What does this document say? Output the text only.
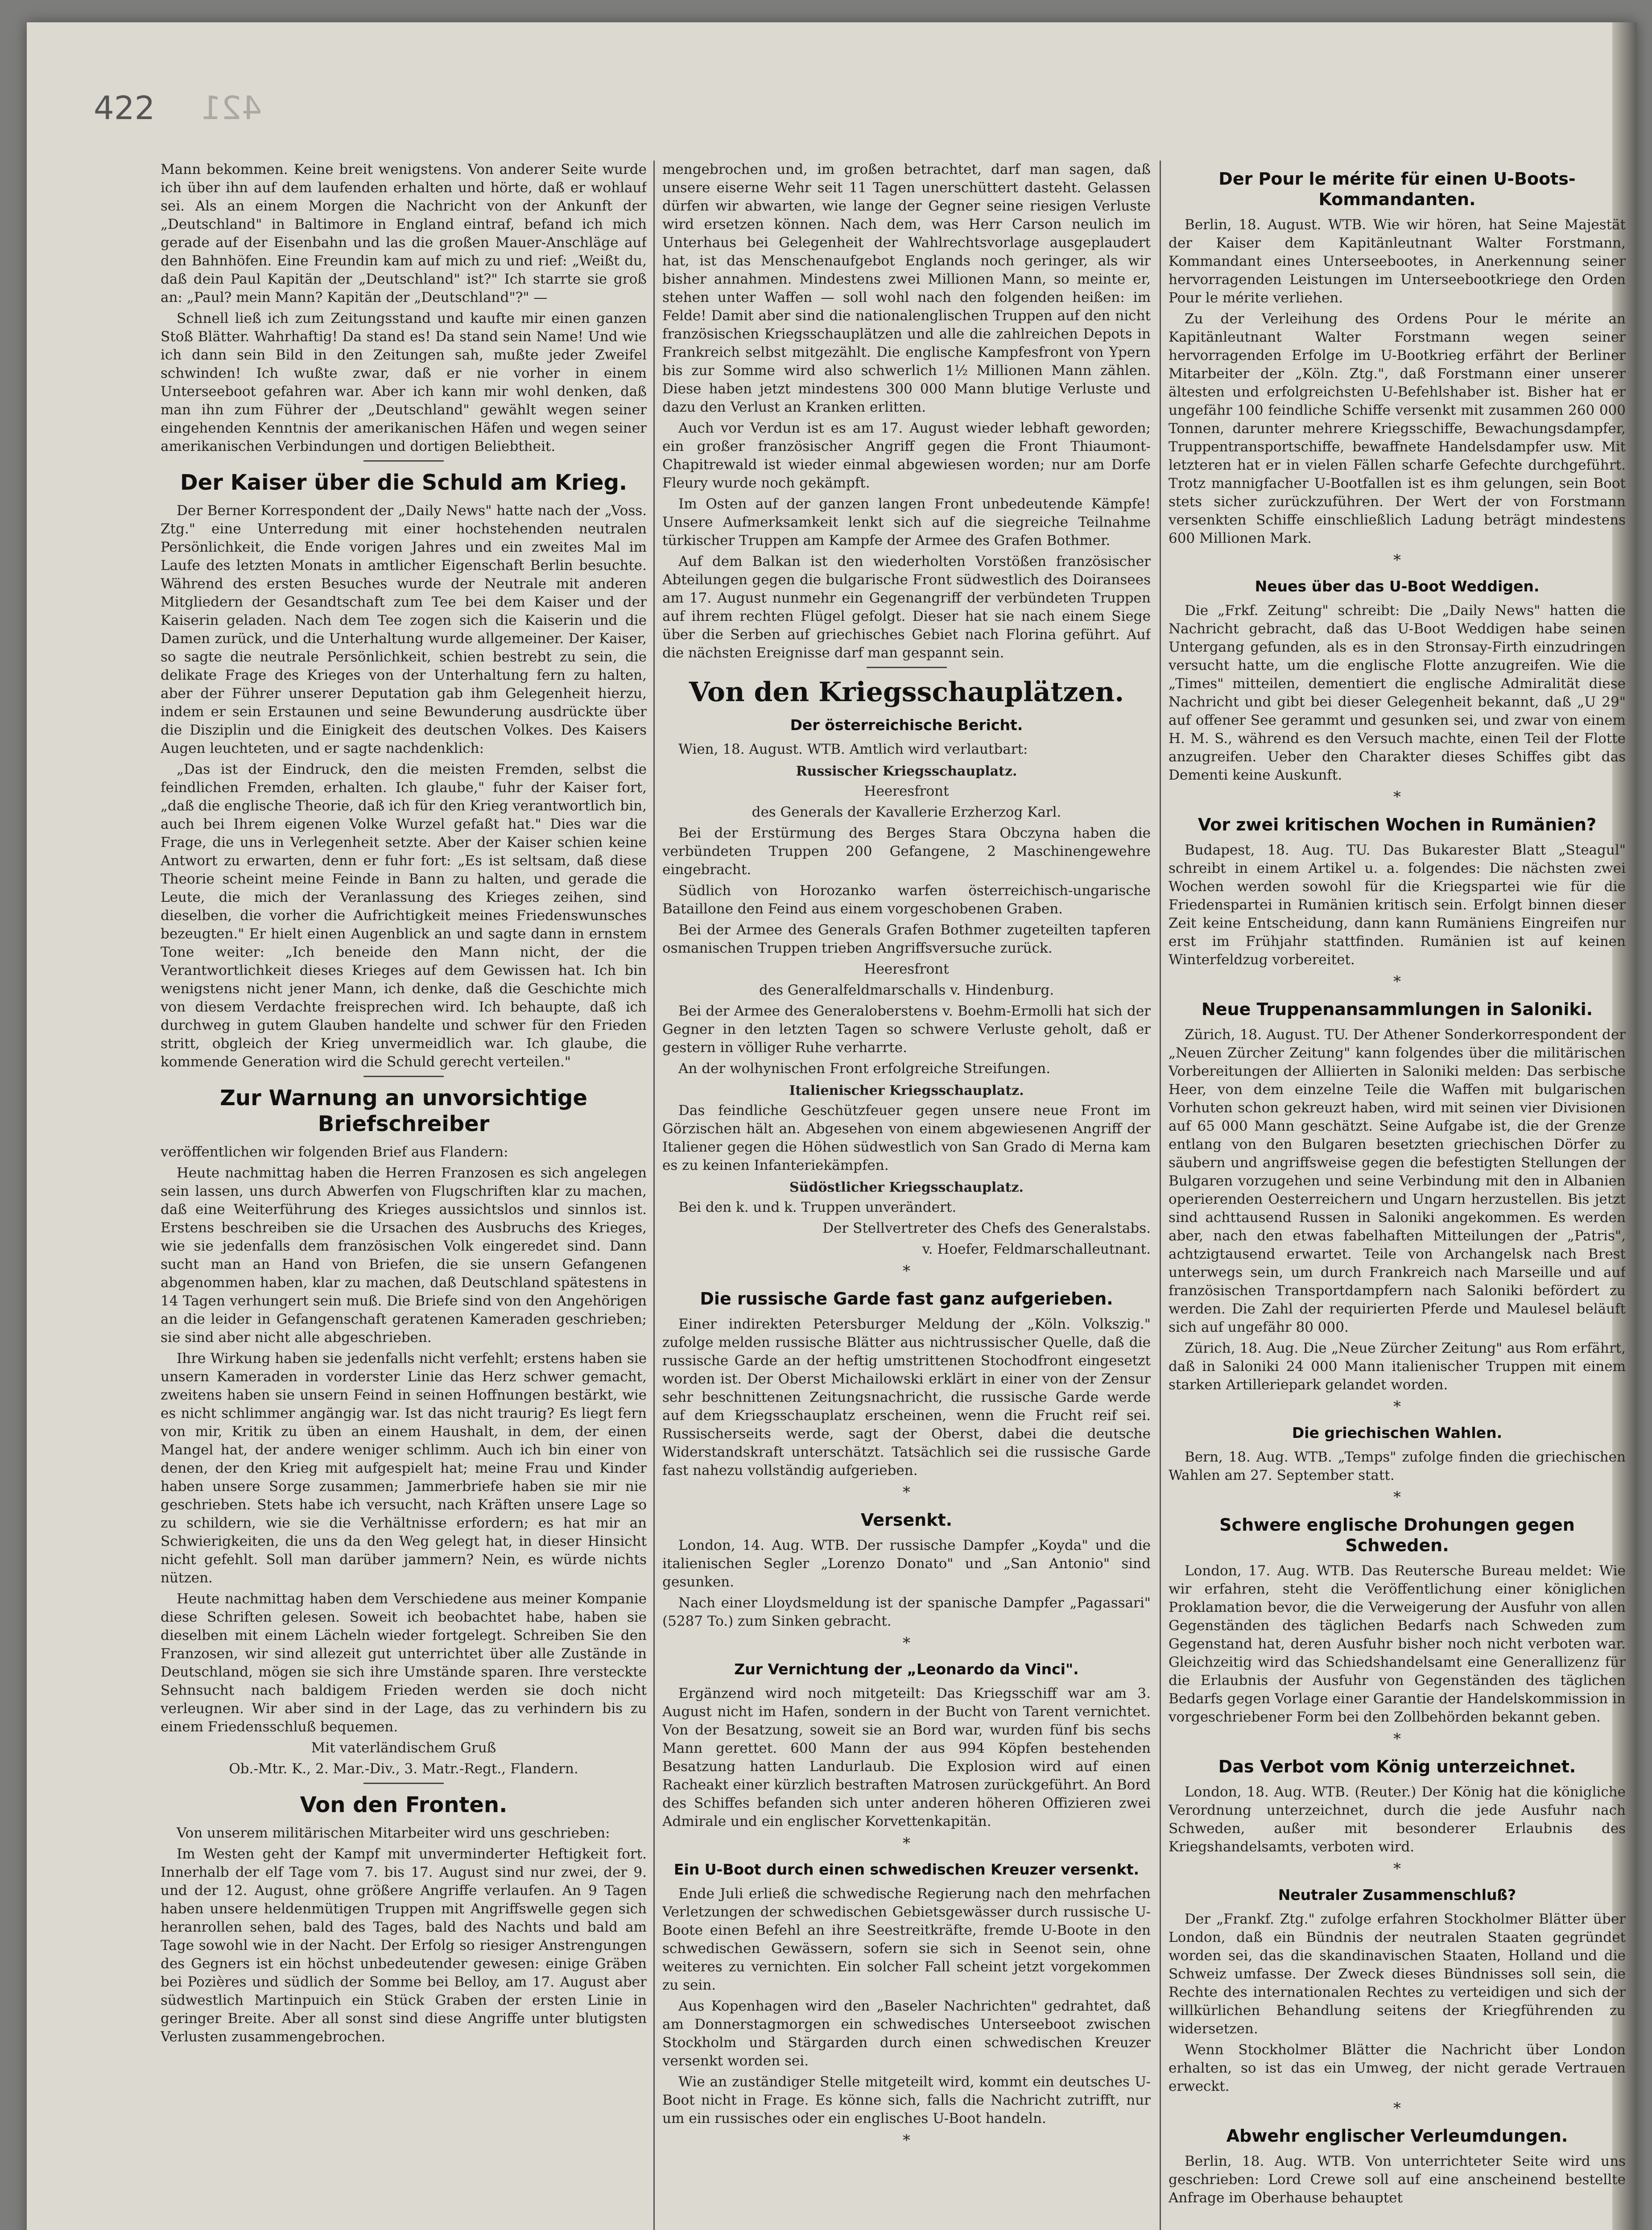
422 421

Mann bekommen. Keine breit wenigstens. Von anderer Seite wurde ich über ihn auf dem laufenden erhalten und hörte, daß er wohlauf sei. Als an einem Morgen die Nachricht von der Ankunft der „Deutschland" in Baltimore in England eintraf, befand ich mich gerade auf der Eisenbahn und las die großen Mauer-Anschläge auf den Bahnhöfen. Eine Freundin kam auf mich zu und rief: „Weißt du, daß dein Paul Kapitän der „Deutschland" ist?" Ich starrte sie groß an: „Paul? mein Mann? Kapitän der „Deutschland"?" —

Schnell ließ ich zum Zeitungsstand und kaufte mir einen ganzen Stoß Blätter. Wahrhaftig! Da stand es! Da stand sein Name! Und wie ich dann sein Bild in den Zeitungen sah, mußte jeder Zweifel schwinden! Ich wußte zwar, daß er nie vorher in einem Unterseeboot gefahren war. Aber ich kann mir wohl denken, daß man ihn zum Führer der „Deutschland" gewählt wegen seiner eingehenden Kenntnis der amerikanischen Häfen und wegen seiner amerikanischen Verbindungen und dortigen Beliebtheit.

Der Kaiser über die Schuld am Krieg.

Der Berner Korrespondent der „Daily News" hatte nach der „Voss. Ztg." eine Unterredung mit einer hochstehenden neutralen Persönlichkeit, die Ende vorigen Jahres und ein zweites Mal im Laufe des letzten Monats in amtlicher Eigenschaft Berlin besuchte. Während des ersten Besuches wurde der Neutrale mit anderen Mitgliedern der Gesandtschaft zum Tee bei dem Kaiser und der Kaiserin geladen. Nach dem Tee zogen sich die Kaiserin und die Damen zurück, und die Unterhaltung wurde allgemeiner. Der Kaiser, so sagte die neutrale Persönlichkeit, schien bestrebt zu sein, die delikate Frage des Krieges von der Unterhaltung fern zu halten, aber der Führer unserer Deputation gab ihm Gelegenheit hierzu, indem er sein Erstaunen und seine Bewunderung ausdrückte über die Disziplin und die Einigkeit des deutschen Volkes. Des Kaisers Augen leuchteten, und er sagte nachdenklich:

„Das ist der Eindruck, den die meisten Fremden, selbst die feindlichen Fremden, erhalten. Ich glaube," fuhr der Kaiser fort, „daß die englische Theorie, daß ich für den Krieg verantwortlich bin, auch bei Ihrem eigenen Volke Wurzel gefaßt hat." Dies war die Frage, die uns in Verlegenheit setzte. Aber der Kaiser schien keine Antwort zu erwarten, denn er fuhr fort: „Es ist seltsam, daß diese Theorie scheint meine Feinde in Bann zu halten, und gerade die Leute, die mich der Veranlassung des Krieges zeihen, sind dieselben, die vorher die Aufrichtigkeit meines Friedenswunsches bezeugten." Er hielt einen Augenblick an und sagte dann in ernstem Tone weiter: „Ich beneide den Mann nicht, der die Verantwortlichkeit dieses Krieges auf dem Gewissen hat. Ich bin wenigstens nicht jener Mann, ich denke, daß die Geschichte mich von diesem Verdachte freisprechen wird. Ich behaupte, daß ich durchweg in gutem Glauben handelte und schwer für den Frieden stritt, obgleich der Krieg unvermeidlich war. Ich glaube, die kommende Generation wird die Schuld gerecht verteilen."

Zur Warnung an unvorsichtige Briefschreiber

veröffentlichen wir folgenden Brief aus Flandern:

Heute nachmittag haben die Herren Franzosen es sich angelegen sein lassen, uns durch Abwerfen von Flugschriften klar zu machen, daß eine Weiterführung des Krieges aussichtslos und sinnlos ist. Erstens beschreiben sie die Ursachen des Ausbruchs des Krieges, wie sie jedenfalls dem französischen Volk eingeredet sind. Dann sucht man an Hand von Briefen, die sie unsern Gefangenen abgenommen haben, klar zu machen, daß Deutschland spätestens in 14 Tagen verhungert sein muß. Die Briefe sind von den Angehörigen an die leider in Gefangenschaft geratenen Kameraden geschrieben; sie sind aber nicht alle abgeschrieben.

Ihre Wirkung haben sie jedenfalls nicht verfehlt; erstens haben sie unsern Kameraden in vorderster Linie das Herz schwer gemacht, zweitens haben sie unsern Feind in seinen Hoffnungen bestärkt, wie es nicht schlimmer angängig war. Ist das nicht traurig? Es liegt fern von mir, Kritik zu üben an einem Haushalt, in dem, der einen Mangel hat, der andere weniger schlimm. Auch ich bin einer von denen, der den Krieg mit aufgespielt hat; meine Frau und Kinder haben unsere Sorge zusammen; Jammerbriefe haben sie mir nie geschrieben. Stets habe ich versucht, nach Kräften unsere Lage so zu schildern, wie sie die Verhältnisse erfordern; es hat mir an Schwierigkeiten, die uns da den Weg gelegt hat, in dieser Hinsicht nicht gefehlt. Soll man darüber jammern? Nein, es würde nichts nützen.

Heute nachmittag haben dem Verschiedene aus meiner Kompanie diese Schriften gelesen. Soweit ich beobachtet habe, haben sie dieselben mit einem Lächeln wieder fortgelegt. Schreiben Sie den Franzosen, wir sind allezeit gut unterrichtet über alle Zustände in Deutschland, mögen sie sich ihre Umstände sparen. Ihre versteckte Sehnsucht nach baldigem Frieden werden sie doch nicht verleugnen. Wir aber sind in der Lage, das zu verhindern bis zu einem Friedensschluß bequemen.

Mit vaterländischem Gruß

Ob.-Mtr. K., 2. Mar.-Div., 3. Matr.-Regt., Flandern.

Von den Fronten.

Von unserem militärischen Mitarbeiter wird uns geschrieben:

Im Westen geht der Kampf mit unverminderter Heftigkeit fort. Innerhalb der elf Tage vom 7. bis 17. August sind nur zwei, der 9. und der 12. August, ohne größere Angriffe verlaufen. An 9 Tagen haben unsere heldenmütigen Truppen mit Angriffswelle gegen sich heranrollen sehen, bald des Tages, bald des Nachts und bald am Tage sowohl wie in der Nacht. Der Erfolg so riesiger Anstrengungen des Gegners ist ein höchst unbedeutender gewesen: einige Gräben bei Pozières und südlich der Somme bei Belloy, am 17. August aber südwestlich Martinpuich ein Stück Graben der ersten Linie in geringer Breite. Aber all sonst sind diese Angriffe unter blutigsten Verlusten zusammengebrochen.

mengebrochen und, im großen betrachtet, darf man sagen, daß unsere eiserne Wehr seit 11 Tagen unerschüttert dasteht. Gelassen dürfen wir abwarten, wie lange der Gegner seine riesigen Verluste wird ersetzen können. Nach dem, was Herr Carson neulich im Unterhaus bei Gelegenheit der Wahlrechtsvorlage ausgeplaudert hat, ist das Menschenaufgebot Englands noch geringer, als wir bisher annahmen. Mindestens zwei Millionen Mann, so meinte er, stehen unter Waffen — soll wohl nach den folgenden heißen: im Felde! Damit aber sind die nationalenglischen Truppen auf den nicht französischen Kriegsschauplätzen und alle die zahlreichen Depots in Frankreich selbst mitgezählt. Die englische Kampfesfront von Ypern bis zur Somme wird also schwerlich 1½ Millionen Mann zählen. Diese haben jetzt mindestens 300 000 Mann blutige Verluste und dazu den Verlust an Kranken erlitten.

Auch vor Verdun ist es am 17. August wieder lebhaft geworden; ein großer französischer Angriff gegen die Front Thiaumont-Chapitrewald ist wieder einmal abgewiesen worden; nur am Dorfe Fleury wurde noch gekämpft.

Im Osten auf der ganzen langen Front unbedeutende Kämpfe! Unsere Aufmerksamkeit lenkt sich auf die siegreiche Teilnahme türkischer Truppen am Kampfe der Armee des Grafen Bothmer.

Auf dem Balkan ist den wiederholten Vorstößen französischer Abteilungen gegen die bulgarische Front südwestlich des Doiransees am 17. August nunmehr ein Gegenangriff der verbündeten Truppen auf ihrem rechten Flügel gefolgt. Dieser hat sie nach einem Siege über die Serben auf griechisches Gebiet nach Florina geführt. Auf die nächsten Ereignisse darf man gespannt sein.

Von den Kriegsschauplätzen.
Der österreichische Bericht.

Wien, 18. August. WTB. Amtlich wird verlautbart:

Russischer Kriegsschauplatz.

Heeresfront

des Generals der Kavallerie Erzherzog Karl.

Bei der Erstürmung des Berges Stara Obczyna haben die verbündeten Truppen 200 Gefangene, 2 Maschinengewehre eingebracht.

Südlich von Horozanko warfen österreichisch-ungarische Bataillone den Feind aus einem vorgeschobenen Graben.

Bei der Armee des Generals Grafen Bothmer zugeteilten tapferen osmanischen Truppen trieben Angriffsversuche zurück.

Heeresfront

des Generalfeldmarschalls v. Hindenburg.

Bei der Armee des Generaloberstens v. Boehm-Ermolli hat sich der Gegner in den letzten Tagen so schwere Verluste geholt, daß er gestern in völliger Ruhe verharrte.

An der wolhynischen Front erfolgreiche Streifungen.

Italienischer Kriegsschauplatz.

Das feindliche Geschützfeuer gegen unsere neue Front im Görzischen hält an. Abgesehen von einem abgewiesenen Angriff der Italiener gegen die Höhen südwestlich von San Grado di Merna kam es zu keinen Infanteriekämpfen.

Südöstlicher Kriegsschauplatz.

Bei den k. und k. Truppen unverändert.

Der Stellvertreter des Chefs des Generalstabs.

v. Hoefer, Feldmarschalleutnant.

*
Die russische Garde fast ganz aufgerieben.

Einer indirekten Petersburger Meldung der „Köln. Volkszig." zufolge melden russische Blätter aus nichtrussischer Quelle, daß die russische Garde an der heftig umstrittenen Stochodfront eingesetzt worden ist. Der Oberst Michailowski erklärt in einer von der Zensur sehr beschnittenen Zeitungsnachricht, die russische Garde werde auf dem Kriegsschauplatz erscheinen, wenn die Frucht reif sei. Russischerseits werde, sagt der Oberst, dabei die deutsche Widerstandskraft unterschätzt. Tatsächlich sei die russische Garde fast nahezu vollständig aufgerieben.

*
Versenkt.

London, 14. Aug. WTB. Der russische Dampfer „Koyda" und die italienischen Segler „Lorenzo Donato" und „San Antonio" sind gesunken.

Nach einer Lloydsmeldung ist der spanische Dampfer „Pagassari" (5287 To.) zum Sinken gebracht.

*
Zur Vernichtung der „Leonardo da Vinci".

Ergänzend wird noch mitgeteilt: Das Kriegsschiff war am 3. August nicht im Hafen, sondern in der Bucht von Tarent vernichtet. Von der Besatzung, soweit sie an Bord war, wurden fünf bis sechs Mann gerettet. 600 Mann der aus 994 Köpfen bestehenden Besatzung hatten Landurlaub. Die Explosion wird auf einen Racheakt einer kürzlich bestraften Matrosen zurückgeführt. An Bord des Schiffes befanden sich unter anderen höheren Offizieren zwei Admirale und ein englischer Korvettenkapitän.

*
Ein U-Boot durch einen schwedischen Kreuzer versenkt.

Ende Juli erließ die schwedische Regierung nach den mehrfachen Verletzungen der schwedischen Gebietsgewässer durch russische U-Boote einen Befehl an ihre Seestreitkräfte, fremde U-Boote in den schwedischen Gewässern, sofern sie sich in Seenot sein, ohne weiteres zu vernichten. Ein solcher Fall scheint jetzt vorgekommen zu sein.

Aus Kopenhagen wird den „Baseler Nachrichten" gedrahtet, daß am Donnerstagmorgen ein schwedisches Unterseeboot zwischen Stockholm und Stärgarden durch einen schwedischen Kreuzer versenkt worden sei.

Wie an zuständiger Stelle mitgeteilt wird, kommt ein deutsches U-Boot nicht in Frage. Es könne sich, falls die Nachricht zutrifft, nur um ein russisches oder ein englisches U-Boot handeln.

*
Der Pour le mérite für einen U-Boots-Kommandanten.

Berlin, 18. August. WTB. Wie wir hören, hat Seine Majestät der Kaiser dem Kapitänleutnant Walter Forstmann, Kommandant eines Unterseebootes, in Anerkennung seiner hervorragenden Leistungen im Unterseebootkriege den Orden Pour le mérite verliehen.

Zu der Verleihung des Ordens Pour le mérite an Kapitänleutnant Walter Forstmann wegen seiner hervorragenden Erfolge im U-Bootkrieg erfährt der Berliner Mitarbeiter der „Köln. Ztg.", daß Forstmann einer unserer ältesten und erfolgreichsten U-Befehlshaber ist. Bisher hat er ungefähr 100 feindliche Schiffe versenkt mit zusammen 260 000 Tonnen, darunter mehrere Kriegsschiffe, Bewachungsdampfer, Truppentransportschiffe, bewaffnete Handelsdampfer usw. Mit letzteren hat er in vielen Fällen scharfe Gefechte durchgeführt. Trotz mannigfacher U-Bootfallen ist es ihm gelungen, sein Boot stets sicher zurückzuführen. Der Wert der von Forstmann versenkten Schiffe einschließlich Ladung beträgt mindestens 600 Millionen Mark.

*
Neues über das U-Boot Weddigen.

Die „Frkf. Zeitung" schreibt: Die „Daily News" hatten die Nachricht gebracht, daß das U-Boot Weddigen habe seinen Untergang gefunden, als es in den Stronsay-Firth einzudringen versucht hatte, um die englische Flotte anzugreifen. Wie die „Times" mitteilen, dementiert die englische Admiralität diese Nachricht und gibt bei dieser Gelegenheit bekannt, daß „U 29" auf offener See gerammt und gesunken sei, und zwar von einem H. M. S., während es den Versuch machte, einen Teil der Flotte anzugreifen. Ueber den Charakter dieses Schiffes gibt das Dementi keine Auskunft.

*
Vor zwei kritischen Wochen in Rumänien?

Budapest, 18. Aug. TU. Das Bukarester Blatt „Steagul" schreibt in einem Artikel u. a. folgendes: Die nächsten zwei Wochen werden sowohl für die Kriegspartei wie für die Friedenspartei in Rumänien kritisch sein. Erfolgt binnen dieser Zeit keine Entscheidung, dann kann Rumäniens Eingreifen nur erst im Frühjahr stattfinden. Rumänien ist auf keinen Winterfeldzug vorbereitet.

*
Neue Truppenansammlungen in Saloniki.

Zürich, 18. August. TU. Der Athener Sonderkorrespondent der „Neuen Zürcher Zeitung" kann folgendes über die militärischen Vorbereitungen der Alliierten in Saloniki melden: Das serbische Heer, von dem einzelne Teile die Waffen mit bulgarischen Vorhuten schon gekreuzt haben, wird mit seinen vier Divisionen auf 65 000 Mann geschätzt. Seine Aufgabe ist, die der Grenze entlang von den Bulgaren besetzten griechischen Dörfer zu säubern und angriffsweise gegen die befestigten Stellungen der Bulgaren vorzugehen und seine Verbindung mit den in Albanien operierenden Oesterreichern und Ungarn herzustellen. Bis jetzt sind achttausend Russen in Saloniki angekommen. Es werden aber, nach den etwas fabelhaften Mitteilungen der „Patris", achtzigtausend erwartet. Teile von Archangelsk nach Brest unterwegs sein, um durch Frankreich nach Marseille und auf französischen Transportdampfern nach Saloniki befördert zu werden. Die Zahl der requirierten Pferde und Maulesel beläuft sich auf ungefähr 80 000.

Zürich, 18. Aug. Die „Neue Zürcher Zeitung" aus Rom erfährt, daß in Saloniki 24 000 Mann italienischer Truppen mit einem starken Artilleriepark gelandet worden.

*
Die griechischen Wahlen.

Bern, 18. Aug. WTB. „Temps" zufolge finden die griechischen Wahlen am 27. September statt.

*
Schwere englische Drohungen gegen Schweden.

London, 17. Aug. WTB. Das Reutersche Bureau meldet: Wie wir erfahren, steht die Veröffentlichung einer königlichen Proklamation bevor, die die Verweigerung der Ausfuhr von allen Gegenständen des täglichen Bedarfs nach Schweden zum Gegenstand hat, deren Ausfuhr bisher noch nicht verboten war. Gleichzeitig wird das Schiedshandelsamt eine Generallizenz für die Erlaubnis der Ausfuhr von Gegenständen des täglichen Bedarfs gegen Vorlage einer Garantie der Handelskommission in vorgeschriebener Form bei den Zollbehörden bekannt geben.

*
Das Verbot vom König unterzeichnet.

London, 18. Aug. WTB. (Reuter.) Der König hat die königliche Verordnung unterzeichnet, durch die jede Ausfuhr nach Schweden, außer mit besonderer Erlaubnis des Kriegshandelsamts, verboten wird.

*
Neutraler Zusammenschluß?

Der „Frankf. Ztg." zufolge erfahren Stockholmer Blätter über London, daß ein Bündnis der neutralen Staaten gegründet worden sei, das die skandinavischen Staaten, Holland und die Schweiz umfasse. Der Zweck dieses Bündnisses soll sein, die Rechte des internationalen Rechtes zu verteidigen und sich der willkürlichen Behandlung seitens der Kriegführenden zu widersetzen.

Wenn Stockholmer Blätter die Nachricht über London erhalten, so ist das ein Umweg, der nicht gerade Vertrauen erweckt.

*
Abwehr englischer Verleumdungen.

Berlin, 18. Aug. WTB. Von unterrichteter Seite wird uns geschrieben: Lord Crewe soll auf eine anscheinend bestellte Anfrage im Oberhause behauptet
